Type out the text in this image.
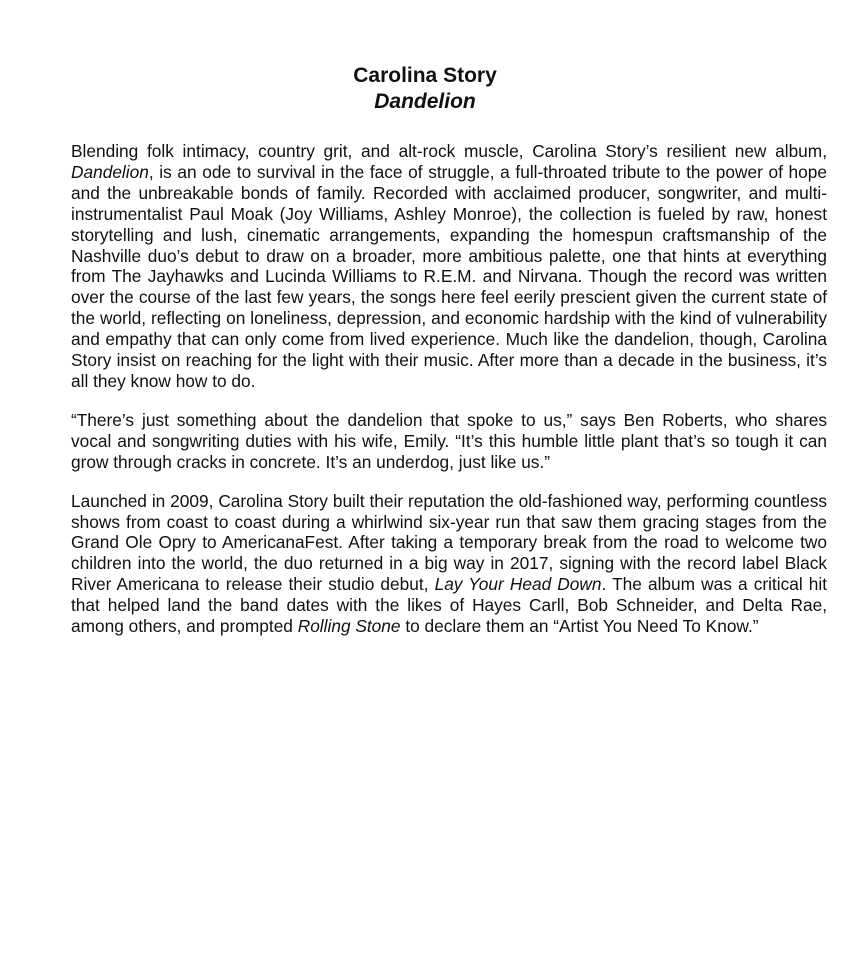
Carolina Story

Dandelion

Blending folk intimacy, country grit, and alt-rock muscle, Carolina Story’s resilient new album, Dandelion, is an ode to survival in the face of struggle, a full-throated tribute to the power of hope and the unbreakable bonds of family. Recorded with acclaimed producer, songwriter, and multi-instrumentalist Paul Moak (Joy Williams, Ashley Monroe), the collection is fueled by raw, honest storytelling and lush, cinematic arrangements, expanding the homespun craftsmanship of the Nashville duo’s debut to draw on a broader, more ambitious palette, one that hints at everything from The Jayhawks and Lucinda Williams to R.E.M. and Nirvana. Though the record was written over the course of the last few years, the songs here feel eerily prescient given the current state of the world, reflecting on loneliness, depression, and economic hardship with the kind of vulnerability and empathy that can only come from lived experience. Much like the dandelion, though, Carolina Story insist on reaching for the light with their music. After more than a decade in the business, it’s all they know how to do.

“There’s just something about the dandelion that spoke to us,” says Ben Roberts, who shares vocal and songwriting duties with his wife, Emily. “It’s this humble little plant that’s so tough it can grow through cracks in concrete. It’s an underdog, just like us.”

Launched in 2009, Carolina Story built their reputation the old-fashioned way, performing countless shows from coast to coast during a whirlwind six-year run that saw them gracing stages from the Grand Ole Opry to AmericanaFest. After taking a temporary break from the road to welcome two children into the world, the duo returned in a big way in 2017, signing with the record label Black River Americana to release their studio debut, Lay Your Head Down. The album was a critical hit that helped land the band dates with the likes of Hayes Carll, Bob Schneider, and Delta Rae, among others, and prompted Rolling Stone to declare them an “Artist You Need To Know.”
